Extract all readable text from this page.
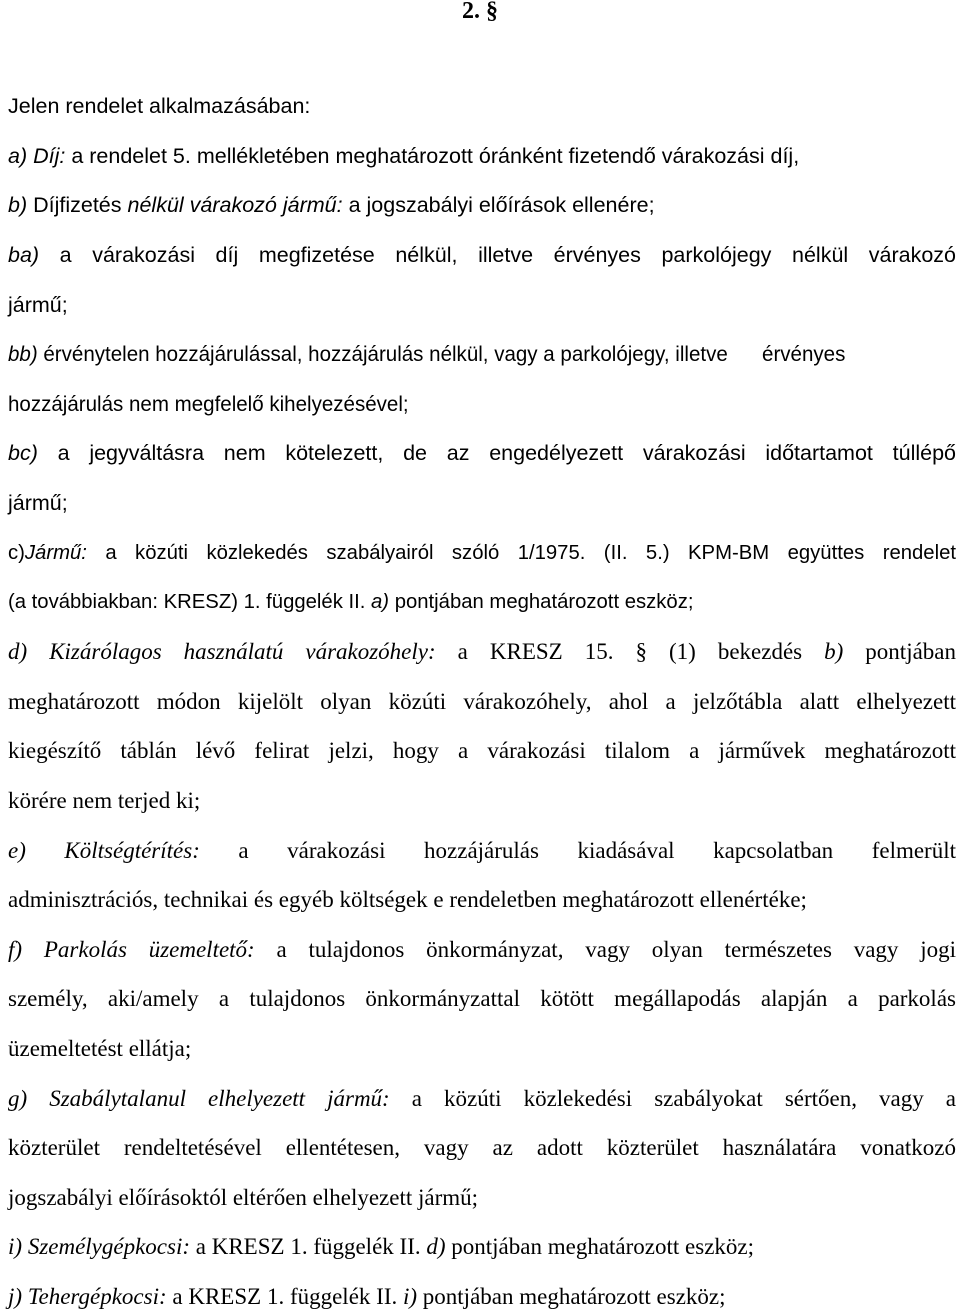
2. §
Jelen rendelet alkalmazásában:
a) Díj: a rendelet 5. mellékletében meghatározott óránként fizetendő várakozási díj,
b) Díjfizetés nélkül várakozó jármű: a jogszabályi előírások ellenére;
ba) a várakozási díj megfizetése nélkül, illetve érvényes parkolójegy nélkül várakozó
jármű;
bb) érvénytelen hozzájárulással, hozzájárulás nélkül, vagy a parkolójegy, illetve      érvényes
hozzájárulás nem megfelelő kihelyezésével;
bc) a jegyváltásra nem kötelezett, de az engedélyezett várakozási időtartamot túllépő
jármű;
c)Jármű: a közúti közlekedés szabályairól szóló 1/1975. (II. 5.) KPM-BM együttes rendelet
(a továbbiakban: KRESZ) 1. függelék II. a) pontjában meghatározott eszköz;
d) Kizárólagos használatú várakozóhely: a KRESZ 15. § (1) bekezdés b) pontjában
meghatározott módon kijelölt olyan közúti várakozóhely, ahol a jelzőtábla alatt elhelyezett
kiegészítő táblán lévő felirat jelzi, hogy a várakozási tilalom a járművek meghatározott
körére nem terjed ki;
e) Költségtérítés: a várakozási hozzájárulás kiadásával kapcsolatban felmerült
adminisztrációs, technikai és egyéb költségek e rendeletben meghatározott ellenértéke;
f) Parkolás üzemeltető: a tulajdonos önkormányzat, vagy olyan természetes vagy jogi
személy, aki/amely a tulajdonos önkormányzattal kötött megállapodás alapján a parkolás
üzemeltetést ellátja;
g) Szabálytalanul elhelyezett jármű: a közúti közlekedési szabályokat sértően, vagy a
közterület rendeltetésével ellentétesen, vagy az adott közterület használatára vonatkozó
jogszabályi előírásoktól eltérően elhelyezett jármű;
i) Személygépkocsi: a KRESZ 1. függelék II. d) pontjában meghatározott eszköz;
j) Tehergépkocsi: a KRESZ 1. függelék II. i) pontjában meghatározott eszköz;
